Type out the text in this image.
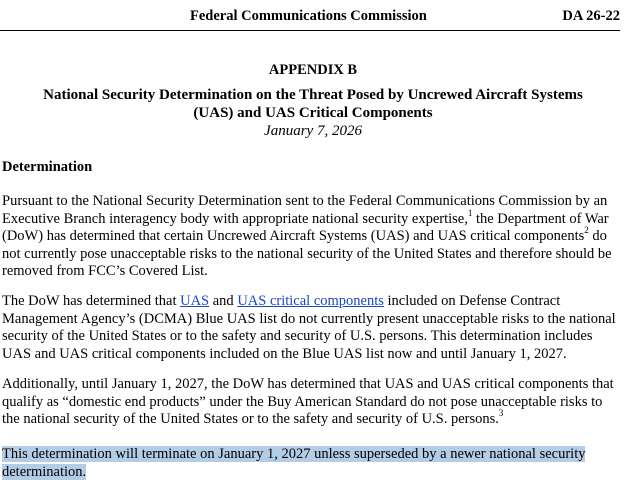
Federal Communications Commission	DA 26-22
APPENDIX B
National Security Determination on the Threat Posed by Uncrewed Aircraft Systems
(UAS) and UAS Critical Components
January 7, 2026
Determination
Pursuant to the National Security Determination sent to the Federal Communications Commission by an
Executive Branch interagency body with appropriate national security expertise,$^1$ the Department of War
(DoW) has determined that certain Uncrewed Aircraft Systems (UAS) and UAS critical components$^2$ do
not currently pose unacceptable risks to the national security of the United States and therefore should be
removed from FCC’s Covered List.
The DoW has determined that UAS and UAS critical components included on Defense Contract
Management Agency’s (DCMA) Blue UAS list do not currently present unacceptable risks to the national
security of the United States or to the safety and security of U.S. persons. This determination includes
UAS and UAS critical components included on the Blue UAS list now and until January 1, 2027.
Additionally, until January 1, 2027, the DoW has determined that UAS and UAS critical components that
qualify as “domestic end products” under the Buy American Standard do not pose unacceptable risks to
the national security of the United States or to the safety and security of U.S. persons.$^3$
This determination will terminate on January 1, 2027 unless superseded by a newer national security
determination.
